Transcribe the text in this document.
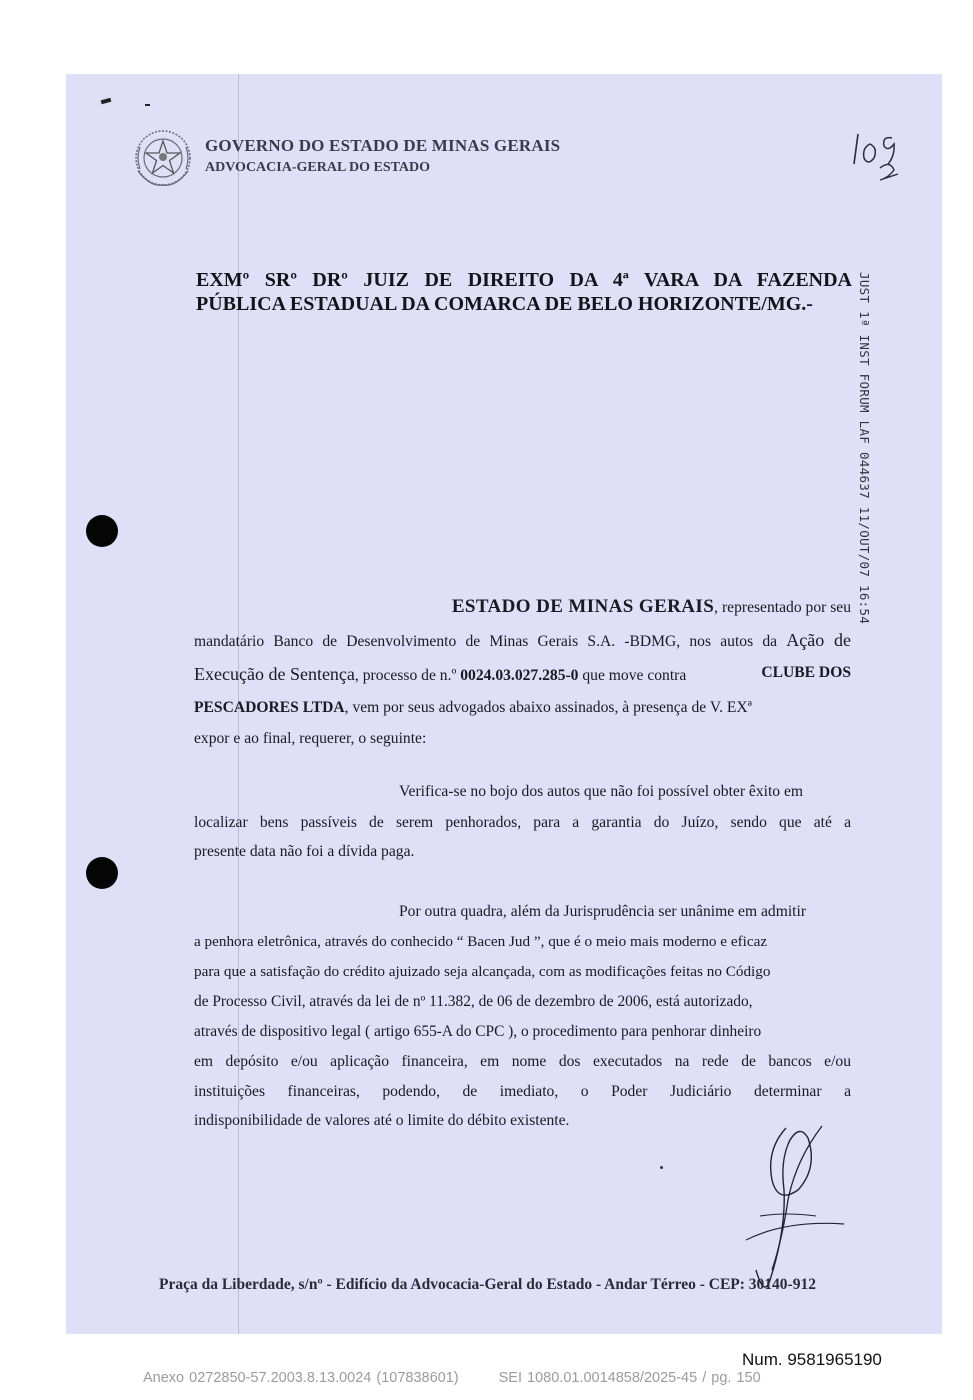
GOVERNO DO ESTADO DE MINAS GERAIS
ADVOCACIA-GERAL DO ESTADO
EXMº SRº DRº JUIZ DE DIREITO DA 4ª VARA DA FAZENDA
PÚBLICA ESTADUAL DA COMARCA DE BELO HORIZONTE/MG.-	JUST 1ª INST FORUM LAF 044637 11/OUT/07 16:54
ESTADO DE MINAS GERAIS, representado por seu
mandatário Banco de Desenvolvimento de Minas Gerais S.A. -BDMG, nos autos da Ação de
Execução de Sentença, processo de n.º 0024.03.027.285-0 que move contra	CLUBE DOS
PESCADORES LTDA, vem por seus advogados abaixo assinados, à presença de V. EXª
expor e ao final, requerer, o seguinte:
Verifica-se no bojo dos autos que não foi possível obter êxito em
localizar bens passíveis de serem penhorados, para a garantia do Juízo, sendo que até a
presente data não foi a dívida paga.
Por outra quadra, além da Jurisprudência ser unânime em admitir
a penhora eletrônica, através do conhecido “ Bacen Jud ”, que é o meio mais moderno e eficaz
para que a satisfação do crédito ajuizado seja alcançada, com as modificações feitas no Código
de Processo Civil, através da lei de nº 11.382, de 06 de dezembro de 2006, está autorizado,
através de dispositivo legal ( artigo 655-A do CPC ), o procedimento para penhorar dinheiro
em depósito e/ou aplicação financeira, em nome dos executados na rede de bancos e/ou
instituições financeiras, podendo, de imediato, o Poder Judiciário determinar a
indisponibilidade de valores até o limite do débito existente.
Praça da Liberdade, s/nº - Edifício da Advocacia-Geral do Estado - Andar Térreo - CEP: 30140-912
Num. 9581965190
Anexo 0272850-57.2003.8.13.0024 (107838601)	SEI 1080.01.0014858/2025-45 / pg. 150
